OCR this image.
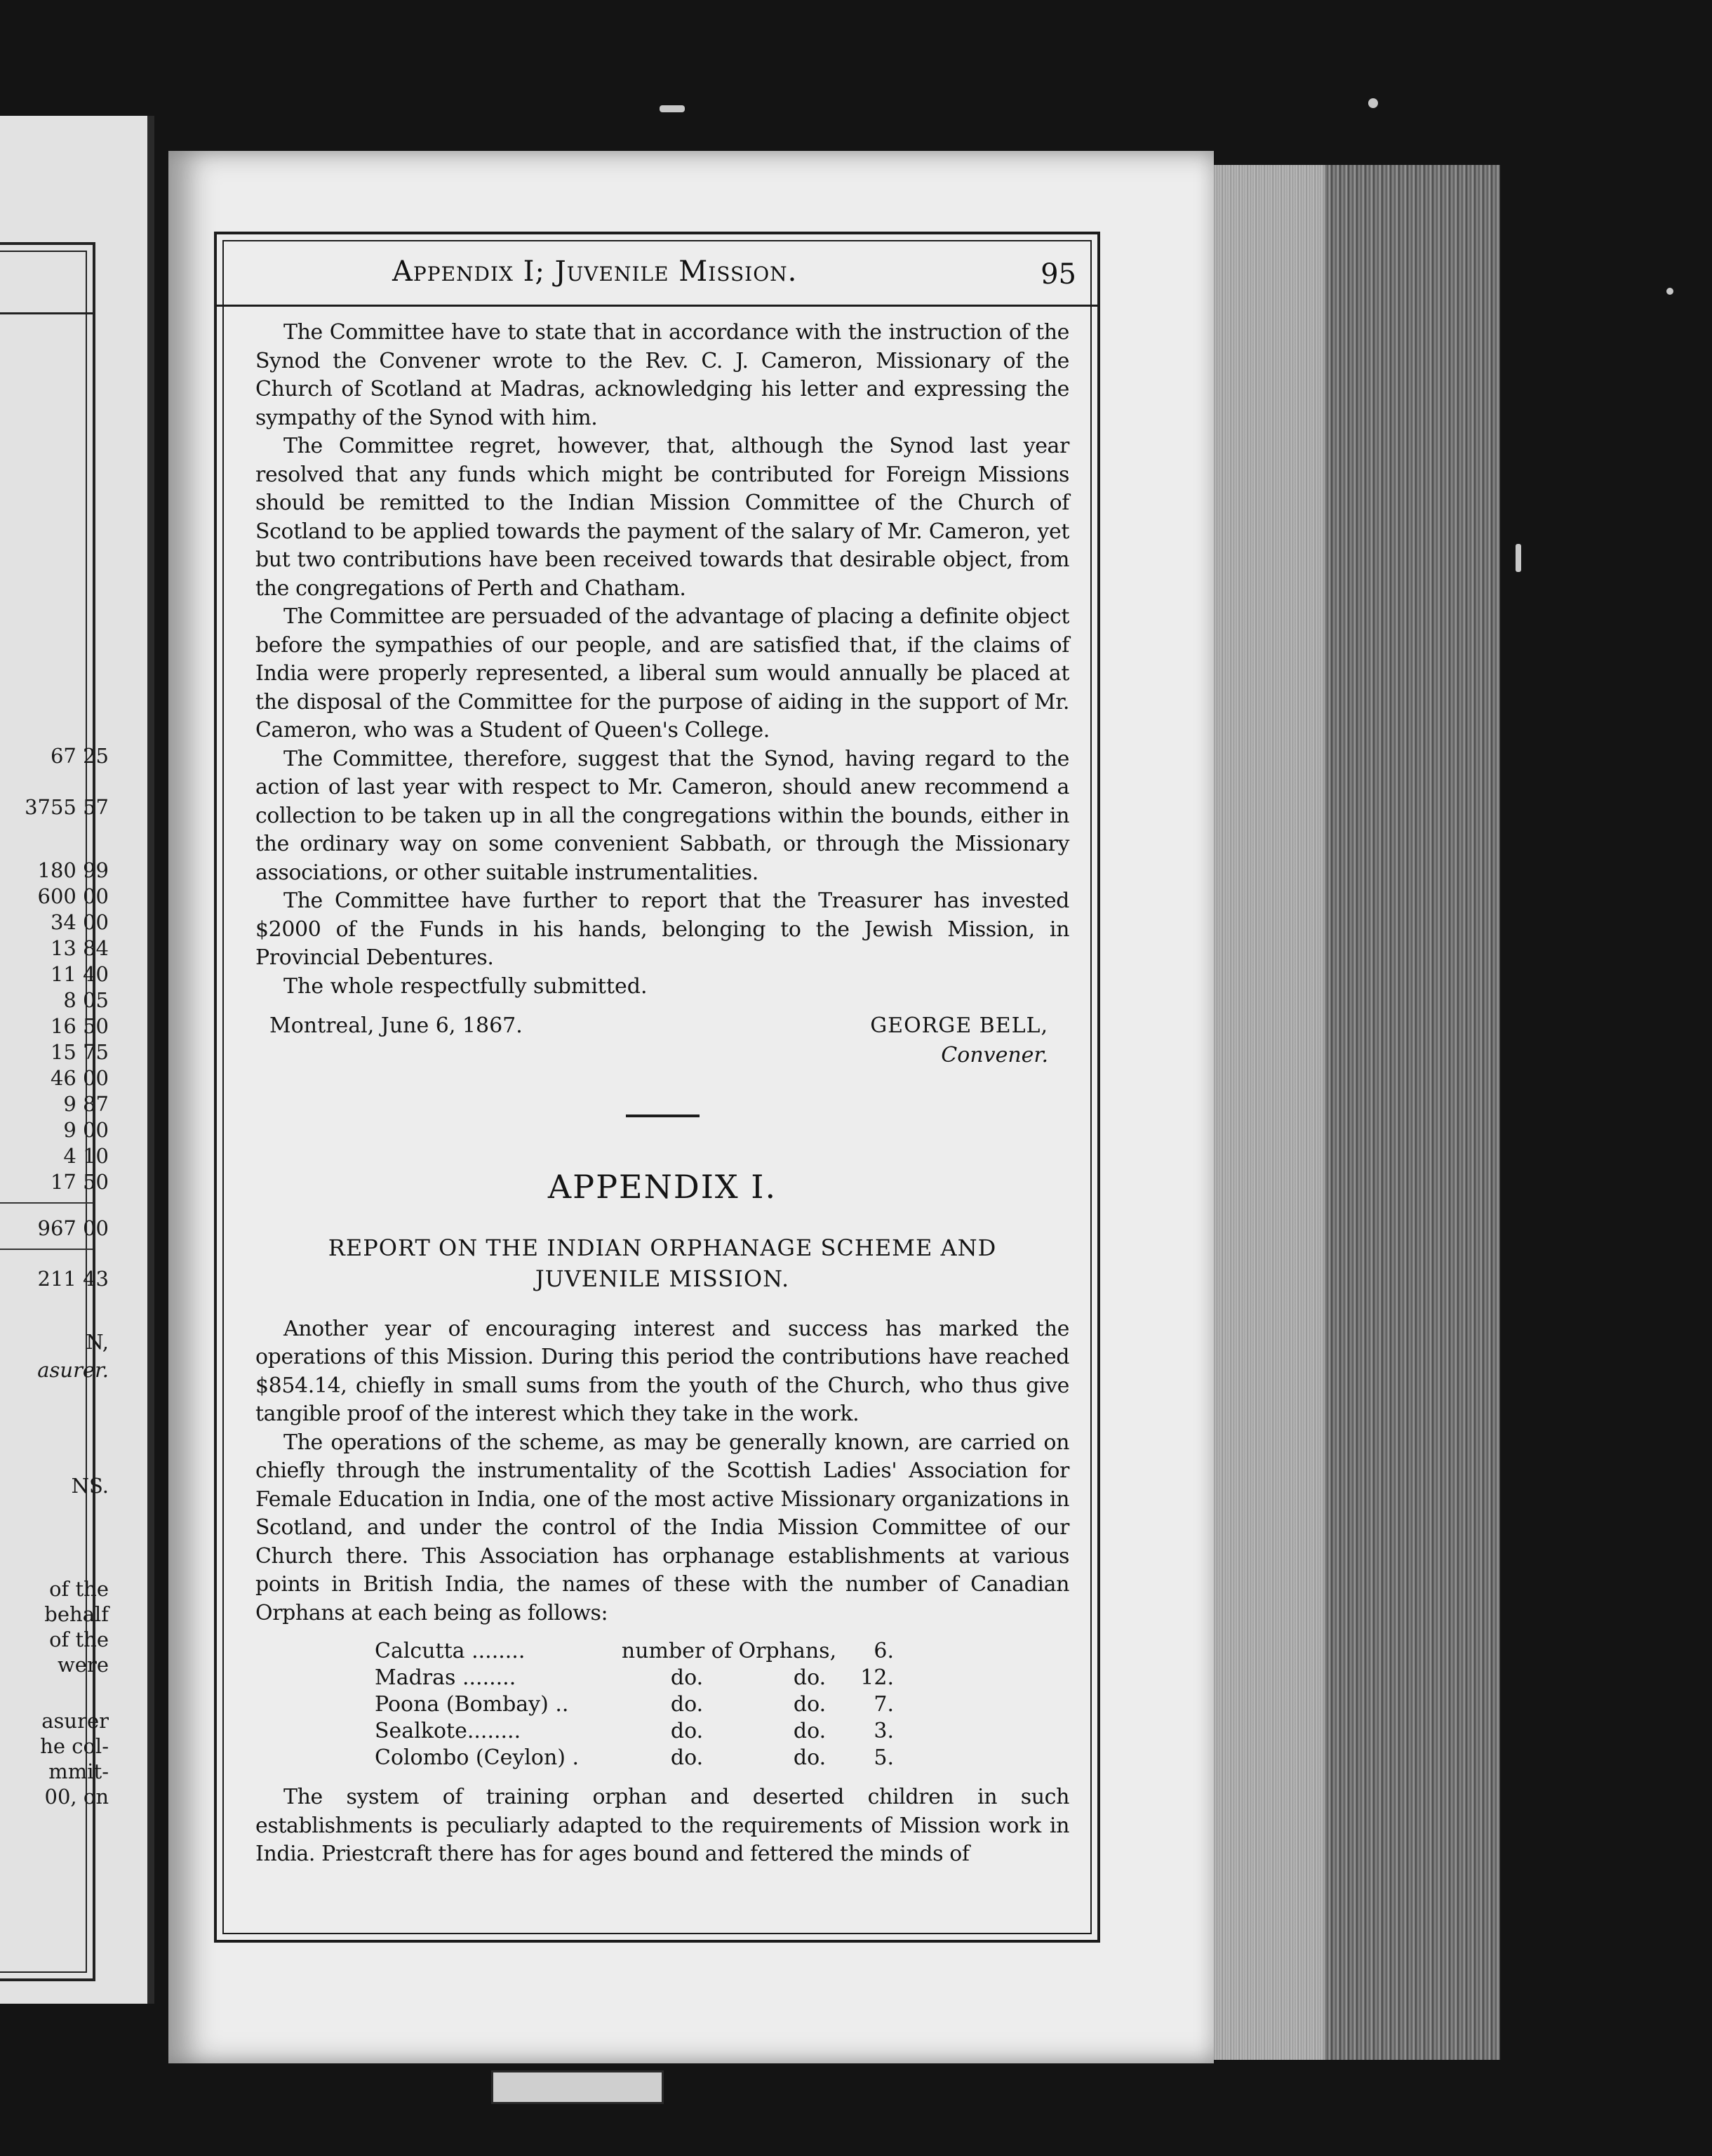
67 25
3755 57
180 99
600 00
34 00
13 84
11 40
8 05
16 50
15 75
46 00
9 87
9 00
4 10
17 50
967 00
211 43
N,
asurer.
NS.
of the
behalf
of the
were
asurer
he col-
mmit-
00, on
Appendix I; Juvenile Mission.	95

The Committee have to state that in accordance with the instruction of the Synod the Convener wrote to the Rev. C. J. Cameron, Missionary of the Church of Scotland at Madras, acknowledging his letter and expressing the sympathy of the Synod with him.

The Committee regret, however, that, although the Synod last year resolved that any funds which might be contributed for Foreign Missions should be remitted to the Indian Mission Committee of the Church of Scotland to be applied towards the payment of the salary of Mr. Cameron, yet but two contributions have been received towards that desirable object, from the congregations of Perth and Chatham.

The Committee are persuaded of the advantage of placing a definite object before the sympathies of our people, and are satisfied that, if the claims of India were properly represented, a liberal sum would annually be placed at the disposal of the Committee for the purpose of aiding in the support of Mr. Cameron, who was a Student of Queen's College.

The Committee, therefore, suggest that the Synod, having regard to the action of last year with respect to Mr. Cameron, should anew recommend a collection to be taken up in all the congregations within the bounds, either in the ordinary way on some convenient Sabbath, or through the Missionary associations, or other suitable instrumentalities.

The Committee have further to report that the Treasurer has invested $2000 of the Funds in his hands, belonging to the Jewish Mission, in Provincial Debentures.

The whole respectfully submitted.

Montreal, June 6, 1867.	GEORGE BELL,
Convener.
APPENDIX I.
REPORT ON THE INDIAN ORPHANAGE SCHEME AND
JUVENILE MISSION.

Another year of encouraging interest and success has marked the operations of this Mission. During this period the contributions have reached $854.14, chiefly in small sums from the youth of the Church, who thus give tangible proof of the interest which they take in the work.

The operations of the scheme, as may be generally known, are carried on chiefly through the instrumentality of the Scottish Ladies' Association for Female Education in India, one of the most active Missionary organizations in Scotland, and under the control of the India Mission Committee of our Church there. This Association has orphanage establishments at various points in British India, the names of these with the number of Canadian Orphans at each being as follows:

Calcutta ........	number of Orphans,		6.
Madras ........	do.	do.	12.
Poona (Bombay) ..	do.	do.	7.
Sealkote........	do.	do.	3.
Colombo (Ceylon) .	do.	do.	5.

The system of training orphan and deserted children in such establishments is peculiarly adapted to the requirements of Mission work in India. Priestcraft there has for ages bound and fettered the minds of
